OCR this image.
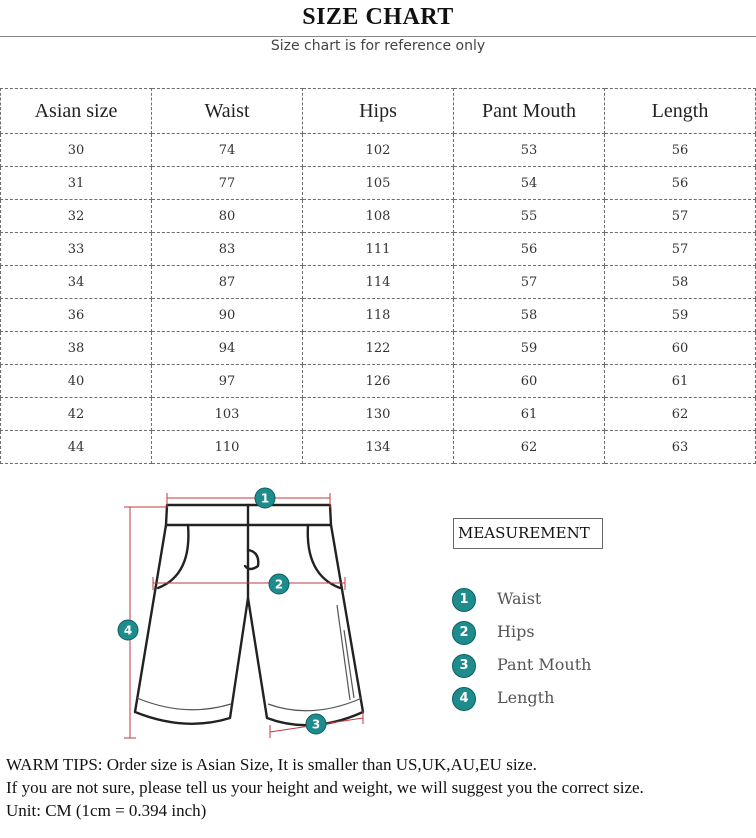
SIZE CHART
Size chart is for reference only
Asian size	Waist	Hips	Pant Mouth	Length
30	74	102	53	56
31	77	105	54	56
32	80	108	55	57
33	83	111	56	57
34	87	114	57	58
36	90	118	58	59
38	94	122	59	60
40	97	126	60	61
42	103	130	61	62
44	110	134	62	63
1
2
3
4
MEASUREMENT
1	Waist
2	Hips
3	Pant Mouth
4	Length
WARM TIPS: Order size is Asian Size, It is smaller than US,UK,AU,EU size.
If you are not sure, please tell us your height and weight, we will suggest you the correct size.
Unit: CM (1cm = 0.394 inch)
